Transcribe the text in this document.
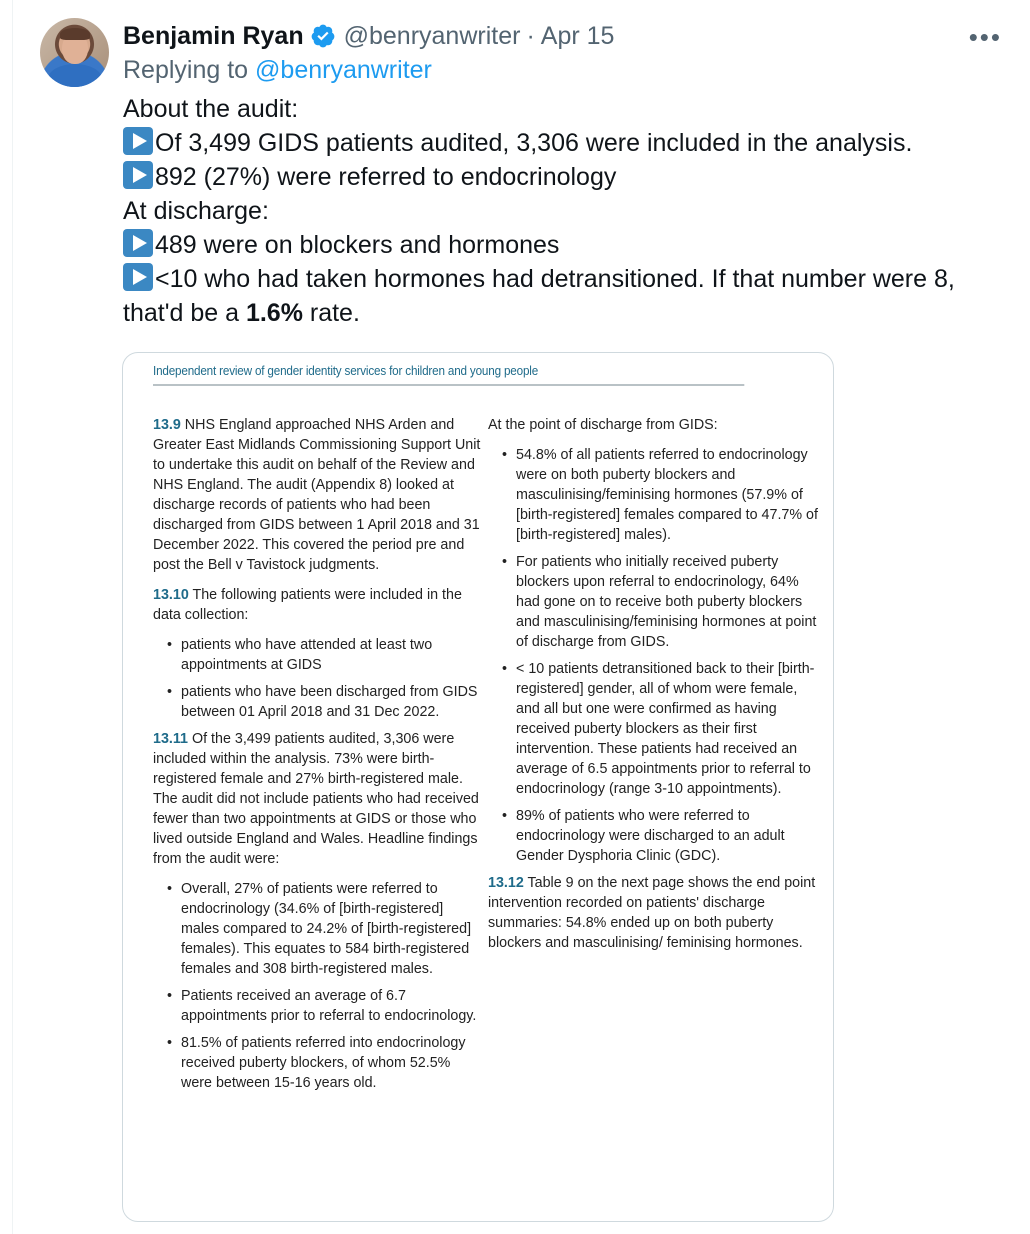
Benjamin Ryan @benryanwriter · Apr 15	•••
Replying to @benryanwriter
About the audit:
Of 3,499 GIDS patients audited, 3,306 were included in the analysis.
892 (27%) were referred to endocrinology
At discharge:
489 were on blockers and hormones
<10 who had taken hormones had detransitioned. If that number were 8,
that'd be a 1.6% rate.
Independent review of gender identity services for children and young people
13.9 NHS England approached NHS Arden and Greater East Midlands Commissioning Support Unit to undertake this audit on behalf of the Review and NHS England. The audit (Appendix 8) looked at discharge records of patients who had been discharged from GIDS between 1 April 2018 and 31 December 2022. This covered the period pre and post the Bell v Tavistock judgments.
13.10 The following patients were included in the data collection:
• patients who have attended at least two appointments at GIDS
• patients who have been discharged from GIDS between 01 April 2018 and 31 Dec 2022.
13.11 Of the 3,499 patients audited, 3,306 were included within the analysis. 73% were birth-registered female and 27% birth-registered male. The audit did not include patients who had received fewer than two appointments at GIDS or those who lived outside England and Wales. Headline findings from the audit were:
• Overall, 27% of patients were referred to endocrinology (34.6% of [birth-registered] males compared to 24.2% of [birth-registered] females). This equates to 584 birth-registered females and 308 birth-registered males.
• Patients received an average of 6.7 appointments prior to referral to endocrinology.
• 81.5% of patients referred into endocrinology received puberty blockers, of whom 52.5% were between 15-16 years old.
At the point of discharge from GIDS:
• 54.8% of all patients referred to endocrinology were on both puberty blockers and masculinising/feminising hormones (57.9% of [birth-registered] females compared to 47.7% of [birth-registered] males).
• For patients who initially received puberty blockers upon referral to endocrinology, 64% had gone on to receive both puberty blockers and masculinising/feminising hormones at point of discharge from GIDS.
• < 10 patients detransitioned back to their [birth-registered] gender, all of whom were female, and all but one were confirmed as having received puberty blockers as their first intervention. These patients had received an average of 6.5 appointments prior to referral to endocrinology (range 3-10 appointments).
• 89% of patients who were referred to endocrinology were discharged to an adult Gender Dysphoria Clinic (GDC).
13.12 Table 9 on the next page shows the end point intervention recorded on patients' discharge summaries: 54.8% ended up on both puberty blockers and masculinising/ feminising hormones.
